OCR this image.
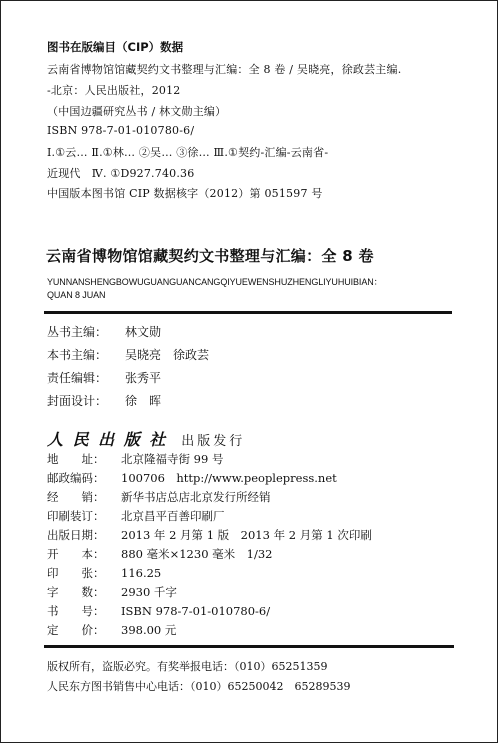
图书在版编目（CIP）数据
云南省博物馆馆藏契约文书整理与汇编：全 8 卷 / 吴晓亮，徐政芸主编.
-北京：人民出版社，2012
（中国边疆研究丛书 / 林文勋主编）
ISBN 978-7-01-010780-6/
Ⅰ.①云… Ⅱ.①林… ②吴… ③徐… Ⅲ.①契约-汇编-云南省-
近现代　Ⅳ. ①D927.740.36
中国版本图书馆 CIP 数据核字（2012）第 051597 号
云南省博物馆馆藏契约文书整理与汇编：全 8 卷
YUNNANSHENGBOWUGUANGUANCANGQIYUEWENSHUZHENGLIYUHUIBIAN：
QUAN 8 JUAN
丛书主编： 林文勋
本书主编： 吴晓亮　徐政芸
责任编辑： 张秀平
封面设计： 徐　晖
人 民 出 版 社 出版发行
地　　址： 北京隆福寺街 99 号
邮政编码： 100706　http://www.peoplepress.net
经　　销： 新华书店总店北京发行所经销
印刷装订： 北京昌平百善印刷厂
出版日期： 2013 年 2 月第 1 版　2013 年 2 月第 1 次印刷
开　　本： 880 毫米×1230 毫米　1/32
印　　张： 116.25
字　　数： 2930 千字
书　　号： ISBN 978-7-01-010780-6/
定　　价： 398.00 元
版权所有，盗版必究。有奖举报电话：（010）65251359
人民东方图书销售中心电话：（010）65250042　65289539
